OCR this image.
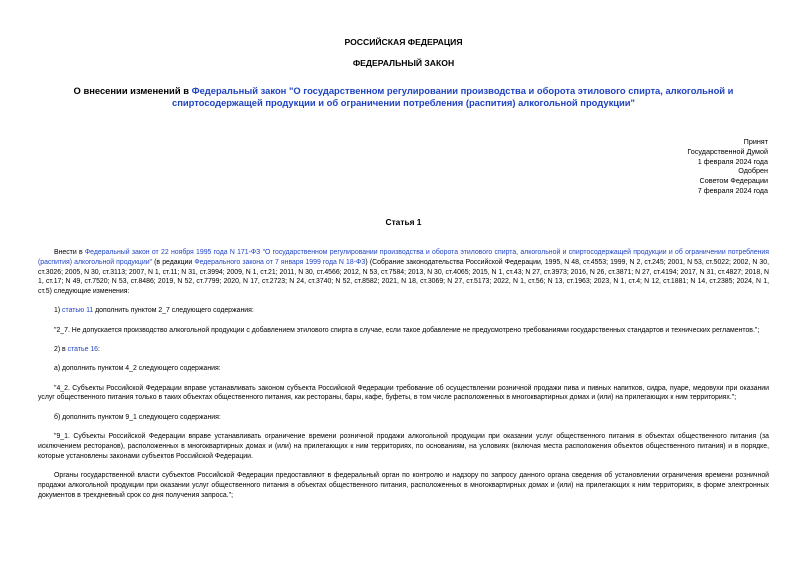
РОССИЙСКАЯ ФЕДЕРАЦИЯ
ФЕДЕРАЛЬНЫЙ ЗАКОН
О внесении изменений в Федеральный закон "О государственном регулировании производства и оборота этилового спирта, алкогольной и спиртосодержащей продукции и об ограничении потребления (распития) алкогольной продукции"
Принят
Государственной Думой
1 февраля 2024 года
Одобрен
Советом Федерации
7 февраля 2024 года
Статья 1

Внести в Федеральный закон от 22 ноября 1995 года N 171-ФЗ "О государственном регулировании производства и оборота этилового спирта, алкогольной и спиртосодержащей продукции и об ограничении потребления (распития) алкогольной продукции" (в редакции Федерального закона от 7 января 1999 года N 18-ФЗ) (Собрание законодательства Российской Федерации, 1995, N 48, ст.4553; 1999, N 2, ст.245; 2001, N 53, ст.5022; 2002, N 30, ст.3026; 2005, N 30, ст.3113; 2007, N 1, ст.11; N 31, ст.3994; 2009, N 1, ст.21; 2011, N 30, ст.4566; 2012, N 53, ст.7584; 2013, N 30, ст.4065; 2015, N 1, ст.43; N 27, ст.3973; 2016, N 26, ст.3871; N 27, ст.4194; 2017, N 31, ст.4827; 2018, N 1, ст.17; N 49, ст.7520; N 53, ст.8486; 2019, N 52, ст.7799; 2020, N 17, ст.2723; N 24, ст.3740; N 52, ст.8582; 2021, N 18, ст.3069; N 27, ст.5173; 2022, N 1, ст.56; N 13, ст.1963; 2023, N 1, ст.4; N 12, ст.1881; N 14, ст.2385; 2024, N 1, ст.5) следующие изменения:

1) статью 11 дополнить пунктом 2_7 следующего содержания:

"2_7. Не допускается производство алкогольной продукции с добавлением этилового спирта в случае, если такое добавление не предусмотрено требованиями государственных стандартов и технических регламентов.";

2) в статье 16:

а) дополнить пунктом 4_2 следующего содержания:

"4_2. Субъекты Российской Федерации вправе устанавливать законом субъекта Российской Федерации требование об осуществлении розничной продажи пива и пивных напитков, сидра, пуаре, медовухи при оказании услуг общественного питания только в таких объектах общественного питания, как рестораны, бары, кафе, буфеты, в том числе расположенных в многоквартирных домах и (или) на прилегающих к ним территориях.";

б) дополнить пунктом 9_1 следующего содержания:

"9_1. Субъекты Российской Федерации вправе устанавливать ограничение времени розничной продажи алкогольной продукции при оказании услуг общественного питания в объектах общественного питания (за исключением ресторанов), расположенных в многоквартирных домах и (или) на прилегающих к ним территориях, по основаниям, на условиях (включая места расположения объектов общественного питания) и в порядке, которые установлены законами субъектов Российской Федерации.

Органы государственной власти субъектов Российской Федерации предоставляют в федеральный орган по контролю и надзору по запросу данного органа сведения об установлении ограничения времени розничной продажи алкогольной продукции при оказании услуг общественного питания в объектах общественного питания, расположенных в многоквартирных домах и (или) на прилегающих к ним территориях, в форме электронных документов в трехдневный срок со дня получения запроса.";
